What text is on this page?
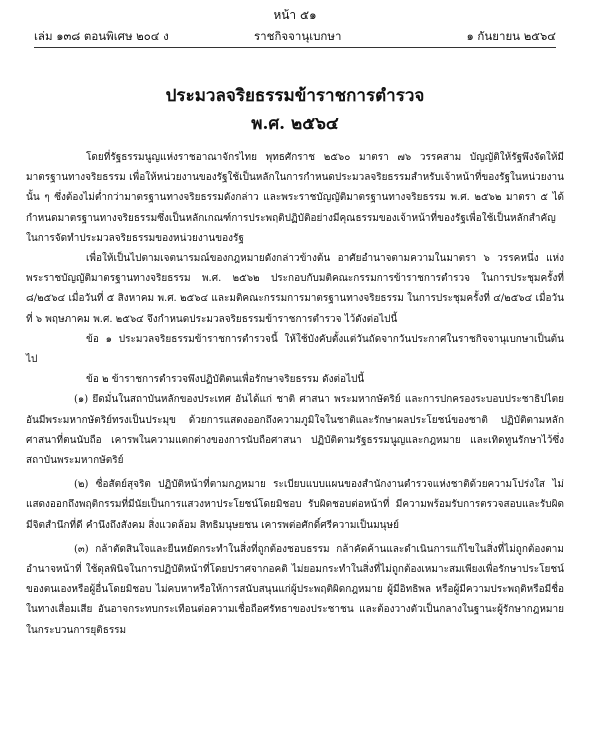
หน้า ๕๑
เล่ม ๑๓๘ ตอนพิเศษ ๒๐๔ ง	ราชกิจจานุเบกษา	๑ กันยายน ๒๕๖๔
ประมวลจริยธรรมข้าราชการตำรวจ
พ.ศ. ๒๕๖๔

โดยที่รัฐธรรมนูญแห่งราชอาณาจักรไทย พุทธศักราช ๒๕๖๐ มาตรา ๗๖ วรรคสาม บัญญัติให้รัฐพึงจัดให้มีมาตรฐานทางจริยธรรม เพื่อให้หน่วยงานของรัฐใช้เป็นหลักในการกำหนดประมวลจริยธรรมสำหรับเจ้าหน้าที่ของรัฐในหน่วยงานนั้น ๆ ซึ่งต้องไม่ต่ำกว่ามาตรฐานทางจริยธรรมดังกล่าว และพระราชบัญญัติมาตรฐานทางจริยธรรม พ.ศ. ๒๕๖๒ มาตรา ๕ ได้กำหนดมาตรฐานทางจริยธรรมซึ่งเป็นหลักเกณฑ์การประพฤติปฏิบัติอย่างมีคุณธรรมของเจ้าหน้าที่ของรัฐเพื่อใช้เป็นหลักสำคัญในการจัดทำประมวลจริยธรรมของหน่วยงานของรัฐ

เพื่อให้เป็นไปตามเจตนารมณ์ของกฎหมายดังกล่าวข้างต้น อาศัยอำนาจตามความในมาตรา ๖ วรรคหนึ่ง แห่งพระราชบัญญัติมาตรฐานทางจริยธรรม พ.ศ. ๒๕๖๒ ประกอบกับมติคณะกรรมการข้าราชการตำรวจ ในการประชุมครั้งที่ ๘/๒๕๖๔ เมื่อวันที่ ๕ สิงหาคม พ.ศ. ๒๕๖๔ และมติคณะกรรมการมาตรฐานทางจริยธรรม ในการประชุมครั้งที่ ๔/๒๕๖๔ เมื่อวันที่ ๖ พฤษภาคม พ.ศ. ๒๕๖๔ จึงกำหนดประมวลจริยธรรมข้าราชการตำรวจ ไว้ดังต่อไปนี้

ข้อ ๑ ประมวลจริยธรรมข้าราชการตำรวจนี้ ให้ใช้บังคับตั้งแต่วันถัดจากวันประกาศในราชกิจจานุเบกษาเป็นต้นไป

ข้อ ๒ ข้าราชการตำรวจพึงปฏิบัติตนเพื่อรักษาจริยธรรม ดังต่อไปนี้

(๑) ยึดมั่นในสถาบันหลักของประเทศ อันได้แก่ ชาติ ศาสนา พระมหากษัตริย์ และการปกครองระบอบประชาธิปไตยอันมีพระมหากษัตริย์ทรงเป็นประมุข ด้วยการแสดงออกถึงความภูมิใจในชาติและรักษาผลประโยชน์ของชาติ ปฏิบัติตามหลักศาสนาที่ตนนับถือ เคารพในความแตกต่างของการนับถือศาสนา ปฏิบัติตามรัฐธรรมนูญและกฎหมาย และเทิดทูนรักษาไว้ซึ่งสถาบันพระมหากษัตริย์

(๒) ซื่อสัตย์สุจริต ปฏิบัติหน้าที่ตามกฎหมาย ระเบียบแบบแผนของสำนักงานตำรวจแห่งชาติด้วยความโปร่งใส ไม่แสดงออกถึงพฤติกรรมที่มีนัยเป็นการแสวงหาประโยชน์โดยมิชอบ รับผิดชอบต่อหน้าที่ มีความพร้อมรับการตรวจสอบและรับผิด มีจิตสำนึกที่ดี คำนึงถึงสังคม สิ่งแวดล้อม สิทธิมนุษยชน เคารพต่อศักดิ์ศรีความเป็นมนุษย์

(๓) กล้าตัดสินใจและยืนหยัดกระทำในสิ่งที่ถูกต้องชอบธรรม กล้าคัดค้านและดำเนินการแก้ไขในสิ่งที่ไม่ถูกต้องตามอำนาจหน้าที่ ใช้ดุลพินิจในการปฏิบัติหน้าที่โดยปราศจากอคติ ไม่ยอมกระทำในสิ่งที่ไม่ถูกต้องเหมาะสมเพียงเพื่อรักษาประโยชน์ของตนเองหรือผู้อื่นโดยมิชอบ ไม่คบหาหรือให้การสนับสนุนแก่ผู้ประพฤติผิดกฎหมาย ผู้มีอิทธิพล หรือผู้มีความประพฤติหรือมีชื่อในทางเสื่อมเสีย อันอาจกระทบกระเทือนต่อความเชื่อถือศรัทธาของประชาชน และต้องวางตัวเป็นกลางในฐานะผู้รักษากฎหมายในกระบวนการยุติธรรม
